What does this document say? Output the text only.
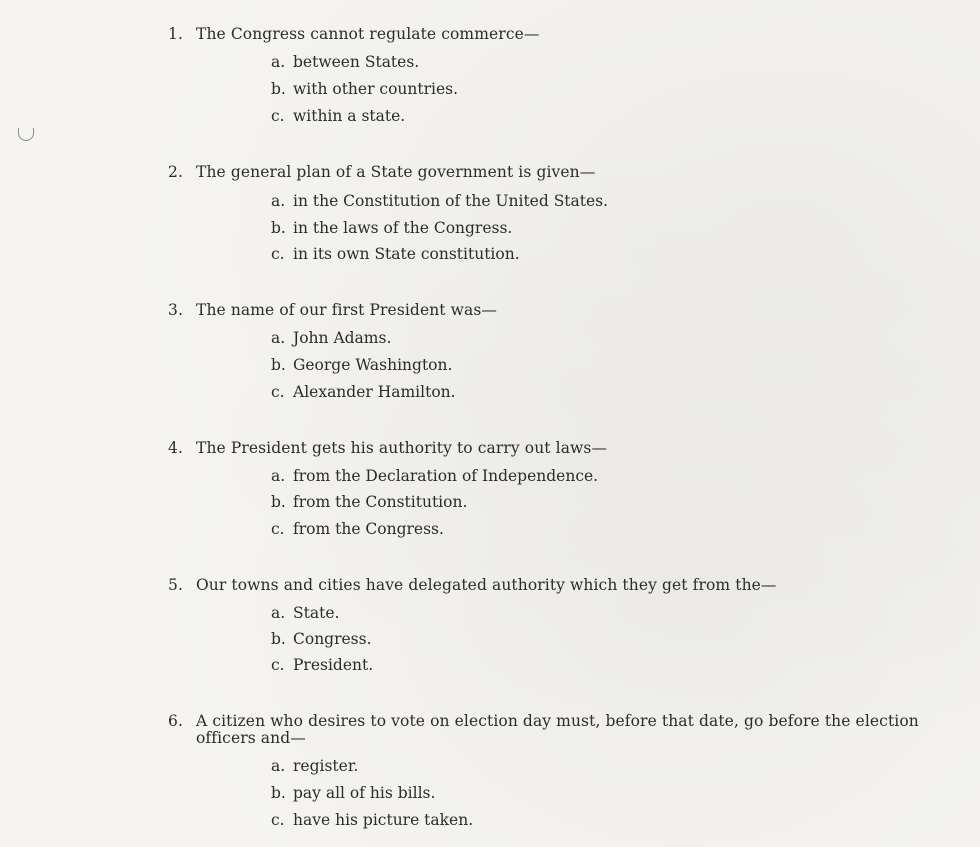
1. The Congress cannot regulate commerce—
a. between States.
b. with other countries.
c. within a state.
2. The general plan of a State government is given—
a. in the Constitution of the United States.
b. in the laws of the Congress.
c. in its own State constitution.
3. The name of our first President was—
a. John Adams.
b. George Washington.
c. Alexander Hamilton.
4. The President gets his authority to carry out laws—
a. from the Declaration of Independence.
b. from the Constitution.
c. from the Congress.
5. Our towns and cities have delegated authority which they get from the—
a. State.
b. Congress.
c. President.
6. A citizen who desires to vote on election day must, before that date, go before the election officers and—
a. register.
b. pay all of his bills.
c. have his picture taken.
